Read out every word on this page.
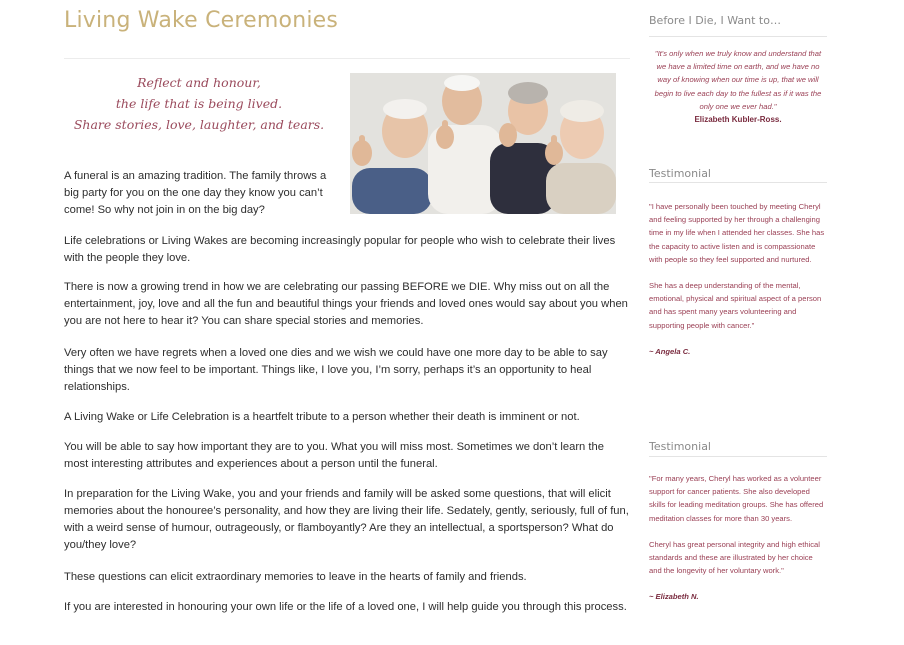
Living Wake Ceremonies
Reflect and honour,
the life that is being lived.
Share stories, love, laughter, and tears.

A funeral is an amazing tradition. The family throws a big party for you on the one day they know you can’t come! So why not join in on the big day?

Life celebrations or Living Wakes are becoming increasingly popular for people who wish to celebrate their lives with the people they love.

There is now a growing trend in how we are celebrating our passing BEFORE we DIE. Why miss out on all the entertainment, joy, love and all the fun and beautiful things your friends and loved ones would say about you when you are not here to hear it? You can share special stories and memories.

Very often we have regrets when a loved one dies and we wish we could have one more day to be able to say things that we now feel to be important. Things like, I love you, I’m sorry, perhaps it’s an opportunity to heal relationships.

A Living Wake or Life Celebration is a heartfelt tribute to a person whether their death is imminent or not.

You will be able to say how important they are to you. What you will miss most. Sometimes we don’t learn the most interesting attributes and experiences about a person until the funeral.

In preparation for the Living Wake, you and your friends and family will be asked some questions, that will elicit memories about the honouree’s personality, and how they are living their life. Sedately, gently, seriously, full of fun, with a weird sense of humour, outrageously, or flamboyantly? Are they an intellectual, a sportsperson? What do you/they love?

These questions can elicit extraordinary memories to leave in the hearts of family and friends.

If you are interested in honouring your own life or the life of a loved one, I will help guide you through this process.

Before I Die, I Want to…

"It's only when we truly know and understand that we have a limited time on earth, and we have no way of knowing when our time is up, that we will begin to live each day to the fullest as if it was the only one we ever had."

Elizabeth Kubler-Ross.

Testimonial

"I have personally been touched by meeting Cheryl and feeling supported by her through a challenging time in my life when I attended her classes. She has the capacity to active listen and is compassionate with people so they feel supported and nurtured.

She has a deep understanding of the mental, emotional, physical and spiritual aspect of a person and has spent many years volunteering and supporting people with cancer."

~ Angela C.

Testimonial

"For many years, Cheryl has worked as a volunteer support for cancer patients. She also developed skills for leading meditation groups. She has offered meditation classes for more than 30 years.

Cheryl has great personal integrity and high ethical standards and these are illustrated by her choice and the longevity of her voluntary work."

~ Elizabeth N.
